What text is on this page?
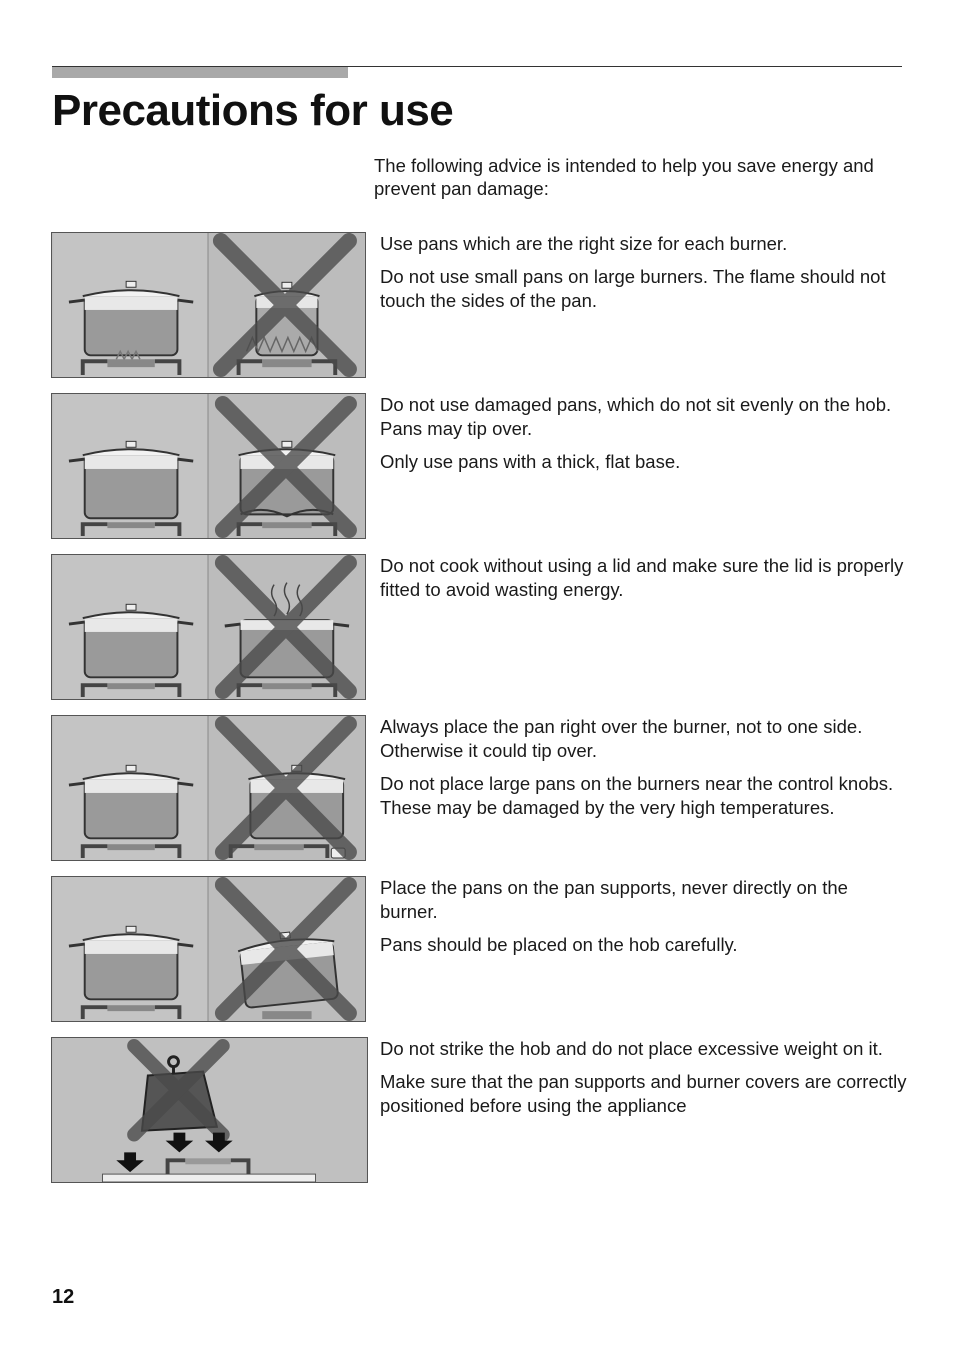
Precautions for use

The following advice is intended to help you save energy and prevent pan damage:

Use pans which are the right size for each burner.

Do not use small pans on large burners. The flame should not touch the sides of the pan.

Do not use damaged pans, which do not sit evenly on the hob. Pans may tip over.

Only use pans with a thick, flat base.

Do not cook without using a lid and make sure the lid is properly fitted to avoid wasting energy.

Always place the pan right over the burner, not to one side. Otherwise it could tip over.

Do not place large pans on the burners near the control knobs. These may be damaged by the very high temperatures.

Place the pans on the pan supports, never directly on the burner.

Pans should be placed on the hob carefully.

Do not strike the hob and do not place excessive weight on it.

Make sure that the pan supports and burner covers are correctly positioned before using the appliance

12
